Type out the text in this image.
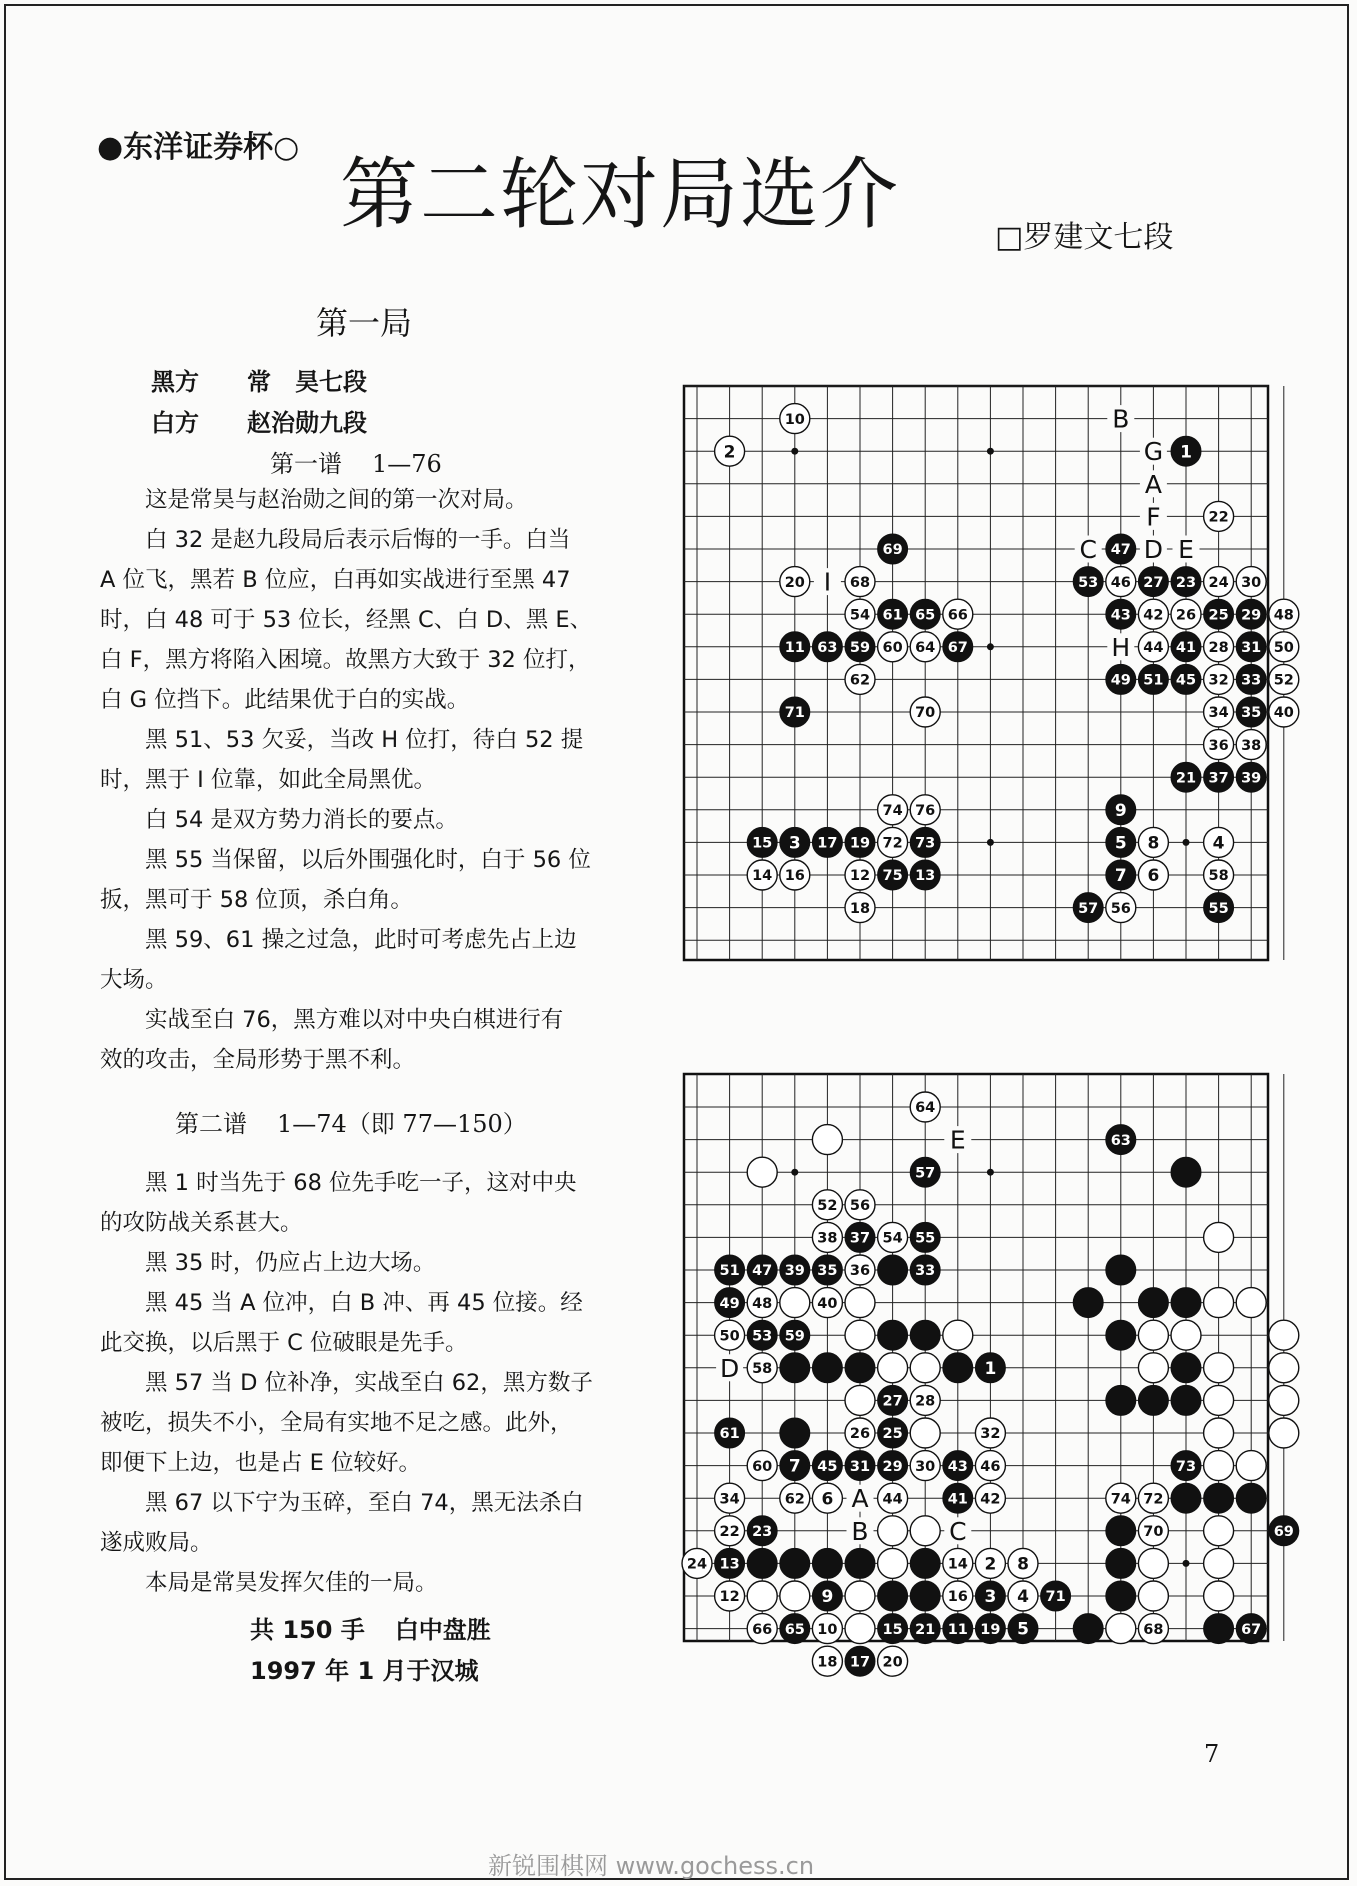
●东洋证券杯○
第二轮对局选介	□罗建文七段
第一局
黑方 常　昊七段
白方 赵治勋九段
第一谱 1—76

这是常昊与赵治勋之间的第一次对局。

白 32 是赵九段局后表示后悔的一手。白当

A 位飞，黑若 B 位应，白再如实战进行至黑 47

时，白 48 可于 53 位长，经黑 C、白 D、黑 E、

白 F，黑方将陷入困境。故黑方大致于 32 位打，

白 G 位挡下。此结果优于白的实战。

黑 51、53 欠妥，当改 H 位打，待白 52 提

时，黑于 I 位靠，如此全局黑优。

白 54 是双方势力消长的要点。

黑 55 当保留，以后外围强化时，白于 56 位

扳，黑可于 58 位顶，杀白角。

黑 59、61 操之过急，此时可考虑先占上边

大场。

实战至白 76，黑方难以对中央白棋进行有

效的攻击，全局形势于黑不利。

第二谱 1—74（即 77—150）

黑 1 时当先于 68 位先手吃一子，这对中央

的攻防战关系甚大。

黑 35 时，仍应占上边大场。

黑 45 当 A 位冲，白 B 冲、再 45 位接。经

此交换，以后黑于 C 位破眼是先手。

黑 57 当 D 位补净，实战至白 62，黑方数子

被吃，损失不小，全局有实地不足之感。此外，

即便下上边，也是占 E 位较好。

黑 67 以下宁为玉碎，至白 74，黑无法杀白

遂成败局。

本局是常昊发挥欠佳的一局。

共 150 手 白中盘胜
1997 年 1 月于汉城
10	B
2	G 1
A
F	22
69	C 47 D E
20 I 68	53 46 27 23 24 30
54 61 65 66	43 42 26 25 29 48
11 63 59 60 64 67	H 44 41 28 31 50
62	49 51 45 32 33 52
71	70	34 35 40
36 38
21 37 39
74 76	9
15 3 17 19 72 73	5 8	4
14 16	12 75 13	7 6	58
18	57 56	55
64
E	63
57
52 56
38 37 54 55
51 47 39 35 36	33
49 48	40
50 53 59
D 58	1
27 28
61	26 25	32
60 7 45 31 29 30 43 46	73
34	62 6 A 44	41 42	74 72
22 23	B	C	70	69
24 13	14 2 8
12	9	16 3 4 71
66 65 10	15 21 11 19 5	68	67
18 17 20
7
新锐围棋网 www.gochess.cn
